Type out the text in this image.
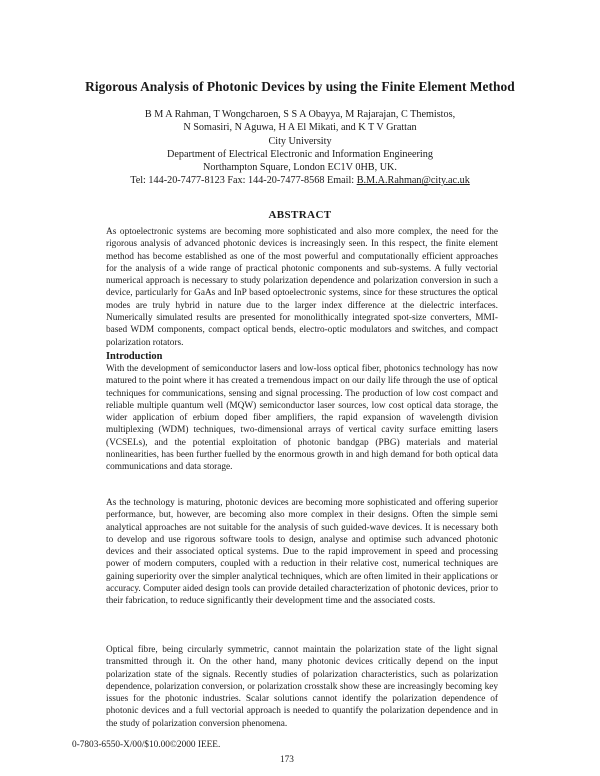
Rigorous Analysis of Photonic Devices by using the Finite Element Method
B M A Rahman, T Wongcharoen, S S A Obayya, M Rajarajan, C Themistos,
N Somasiri, N Aguwa, H A El Mikati, and K T V Grattan
City University
Department of Electrical Electronic and Information Engineering
Northampton Square, London EC1V 0HB, UK.
Tel: 144-20-7477-8123 Fax: 144-20-7477-8568 Email: B.M.A.Rahman@city.ac.uk
ABSTRACT
As optoelectronic systems are becoming more sophisticated and also more complex, the need for the rigorous analysis of advanced photonic devices is increasingly seen. In this respect, the finite element method has become established as one of the most powerful and computationally efficient approaches for the analysis of a wide range of practical photonic components and sub-systems. A fully vectorial numerical approach is necessary to study polarization dependence and polarization conversion in such a device, particularly for GaAs and InP based optoelectronic systems, since for these structures the optical modes are truly hybrid in nature due to the larger index difference at the dielectric interfaces. Numerically simulated results are presented for monolithically integrated spot-size converters, MMI-based WDM components, compact optical bends, electro-optic modulators and switches, and compact polarization rotators.
Introduction
With the development of semiconductor lasers and low-loss optical fiber, photonics technology has now matured to the point where it has created a tremendous impact on our daily life through the use of optical techniques for communications, sensing and signal processing. The production of low cost compact and reliable multiple quantum well (MQW) semiconductor laser sources, low cost optical data storage, the wider application of erbium doped fiber amplifiers, the rapid expansion of wavelength division multiplexing (WDM) techniques, two-dimensional arrays of vertical cavity surface emitting lasers (VCSELs), and the potential exploitation of photonic bandgap (PBG) materials and material nonlinearities, has been further fuelled by the enormous growth in and high demand for both optical data communications and data storage.
As the technology is maturing, photonic devices are becoming more sophisticated and offering superior performance, but, however, are becoming also more complex in their designs. Often the simple semi analytical approaches are not suitable for the analysis of such guided-wave devices. It is necessary both to develop and use rigorous software tools to design, analyse and optimise such advanced photonic devices and their associated optical systems. Due to the rapid improvement in speed and processing power of modern computers, coupled with a reduction in their relative cost, numerical techniques are gaining superiority over the simpler analytical techniques, which are often limited in their applications or accuracy. Computer aided design tools can provide detailed characterization of photonic devices, prior to their fabrication, to reduce significantly their development time and the associated costs.
Optical fibre, being circularly symmetric, cannot maintain the polarization state of the light signal transmitted through it. On the other hand, many photonic devices critically depend on the input polarization state of the signals. Recently studies of polarization characteristics, such as polarization dependence, polarization conversion, or polarization crosstalk show these are increasingly becoming key issues for the photonic industries. Scalar solutions cannot identify the polarization dependence of photonic devices and a full vectorial approach is needed to quantify the polarization dependence and in the study of polarization conversion phenomena.
0-7803-6550-X/00/$10.00©2000 IEEE.
173
